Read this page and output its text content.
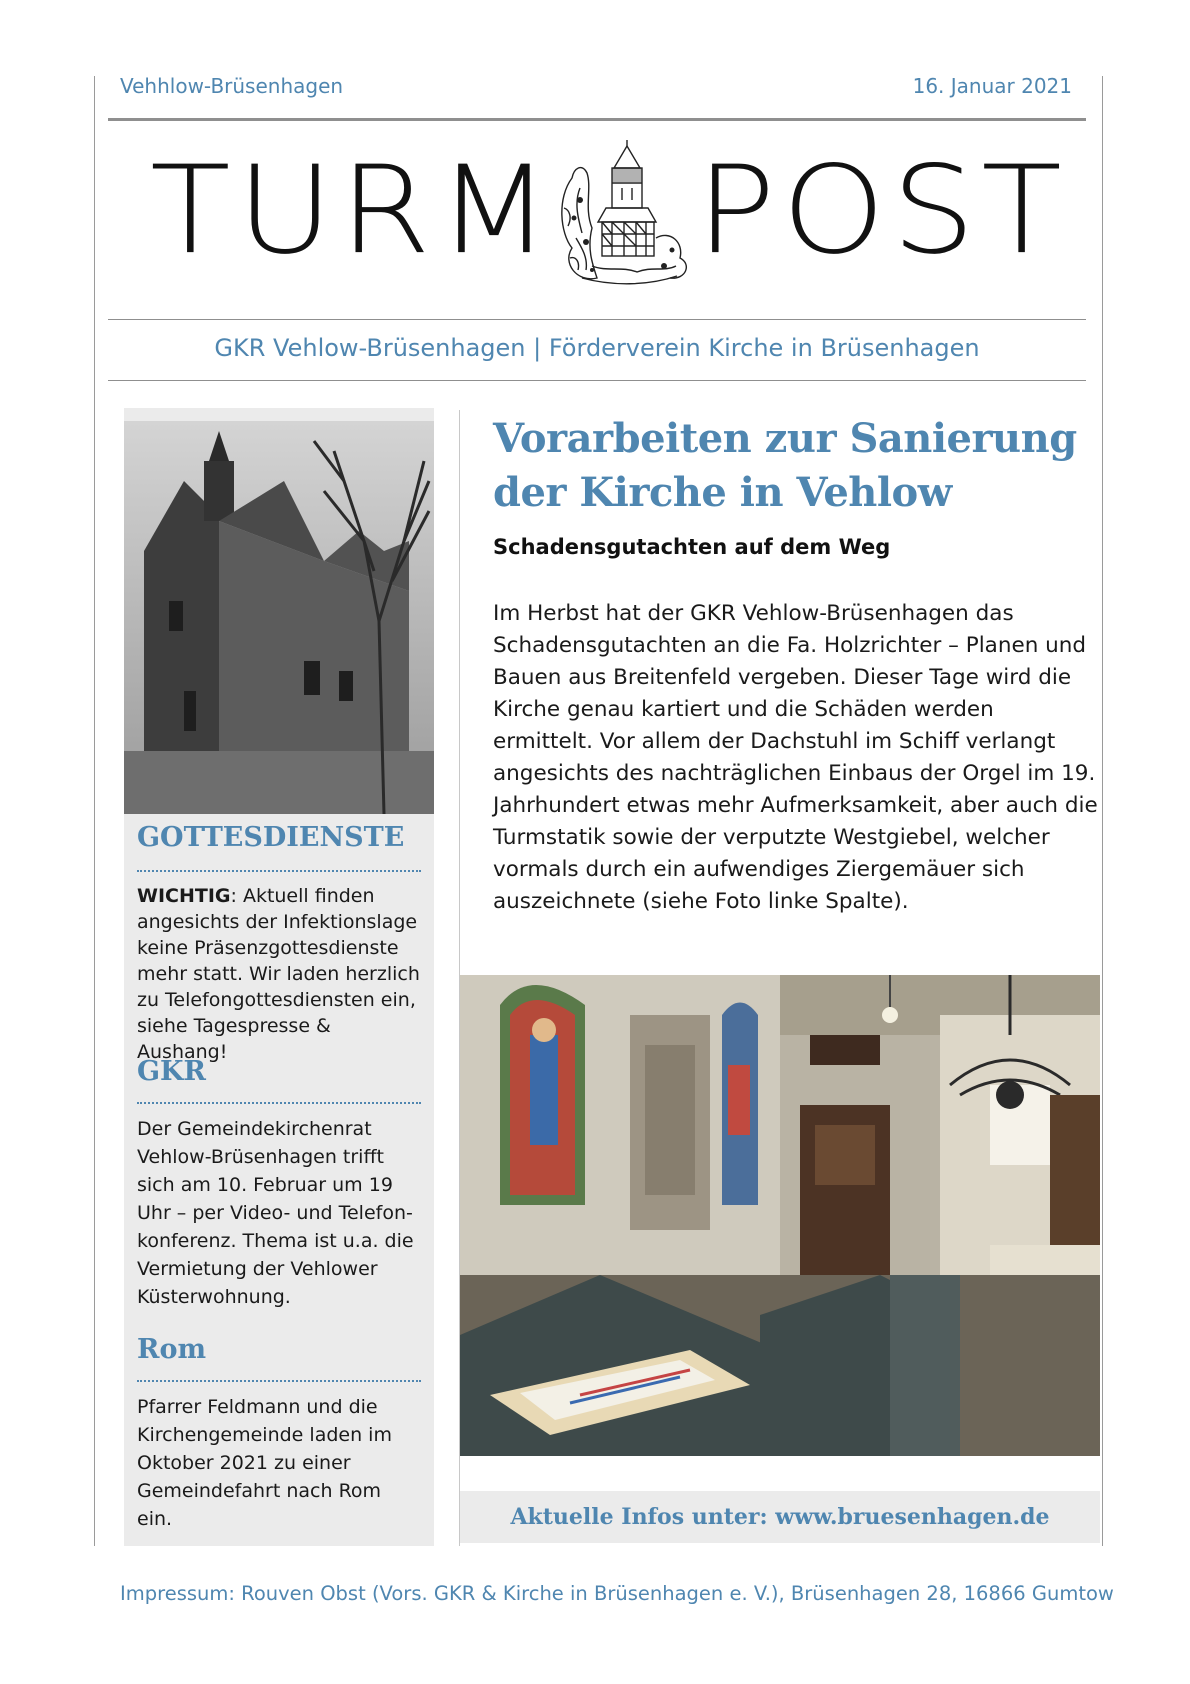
Vehhlow-Brüsenhagen	16. Januar 2021
TURM POST
GKR Vehlow-Brüsenhagen | Förderverein Kirche in Brüsenhagen
GOTTESDIENSTE
WICHTIG: Aktuell finden angesichts der Infektionslage keine Präsenzgottesdienste mehr statt. Wir laden herzlich zu Telefongottesdiensten ein, siehe Tagespresse & Aushang!
GKR
Der Gemeindekirchenrat Vehlow-Brüsenhagen trifft sich am 10. Februar um 19 Uhr – per Video- und Telefon-konferenz. Thema ist u.a. die Vermietung der Vehlower Küsterwohnung.
Rom
Pfarrer Feldmann und die Kirchengemeinde laden im Oktober 2021 zu einer Gemeindefahrt nach Rom ein.
Vorarbeiten zur Sanierung der Kirche in Vehlow
Schadensgutachten auf dem Weg
Im Herbst hat der GKR Vehlow-Brüsenhagen das Schadensgutachten an die Fa. Holzrichter – Planen und Bauen aus Breitenfeld vergeben. Dieser Tage wird die Kirche genau kartiert und die Schäden werden ermittelt. Vor allem der Dachstuhl im Schiff verlangt angesichts des nachträglichen Einbaus der Orgel im 19. Jahrhundert etwas mehr Aufmerksamkeit, aber auch die Turmstatik sowie der verputzte Westgiebel, welcher vormals durch ein aufwendiges Ziergemäuer sich auszeichnete (siehe Foto linke Spalte).
Aktuelle Infos unter: www.bruesenhagen.de
Impressum: Rouven Obst (Vors. GKR & Kirche in Brüsenhagen e. V.), Brüsenhagen 28, 16866 Gumtow
